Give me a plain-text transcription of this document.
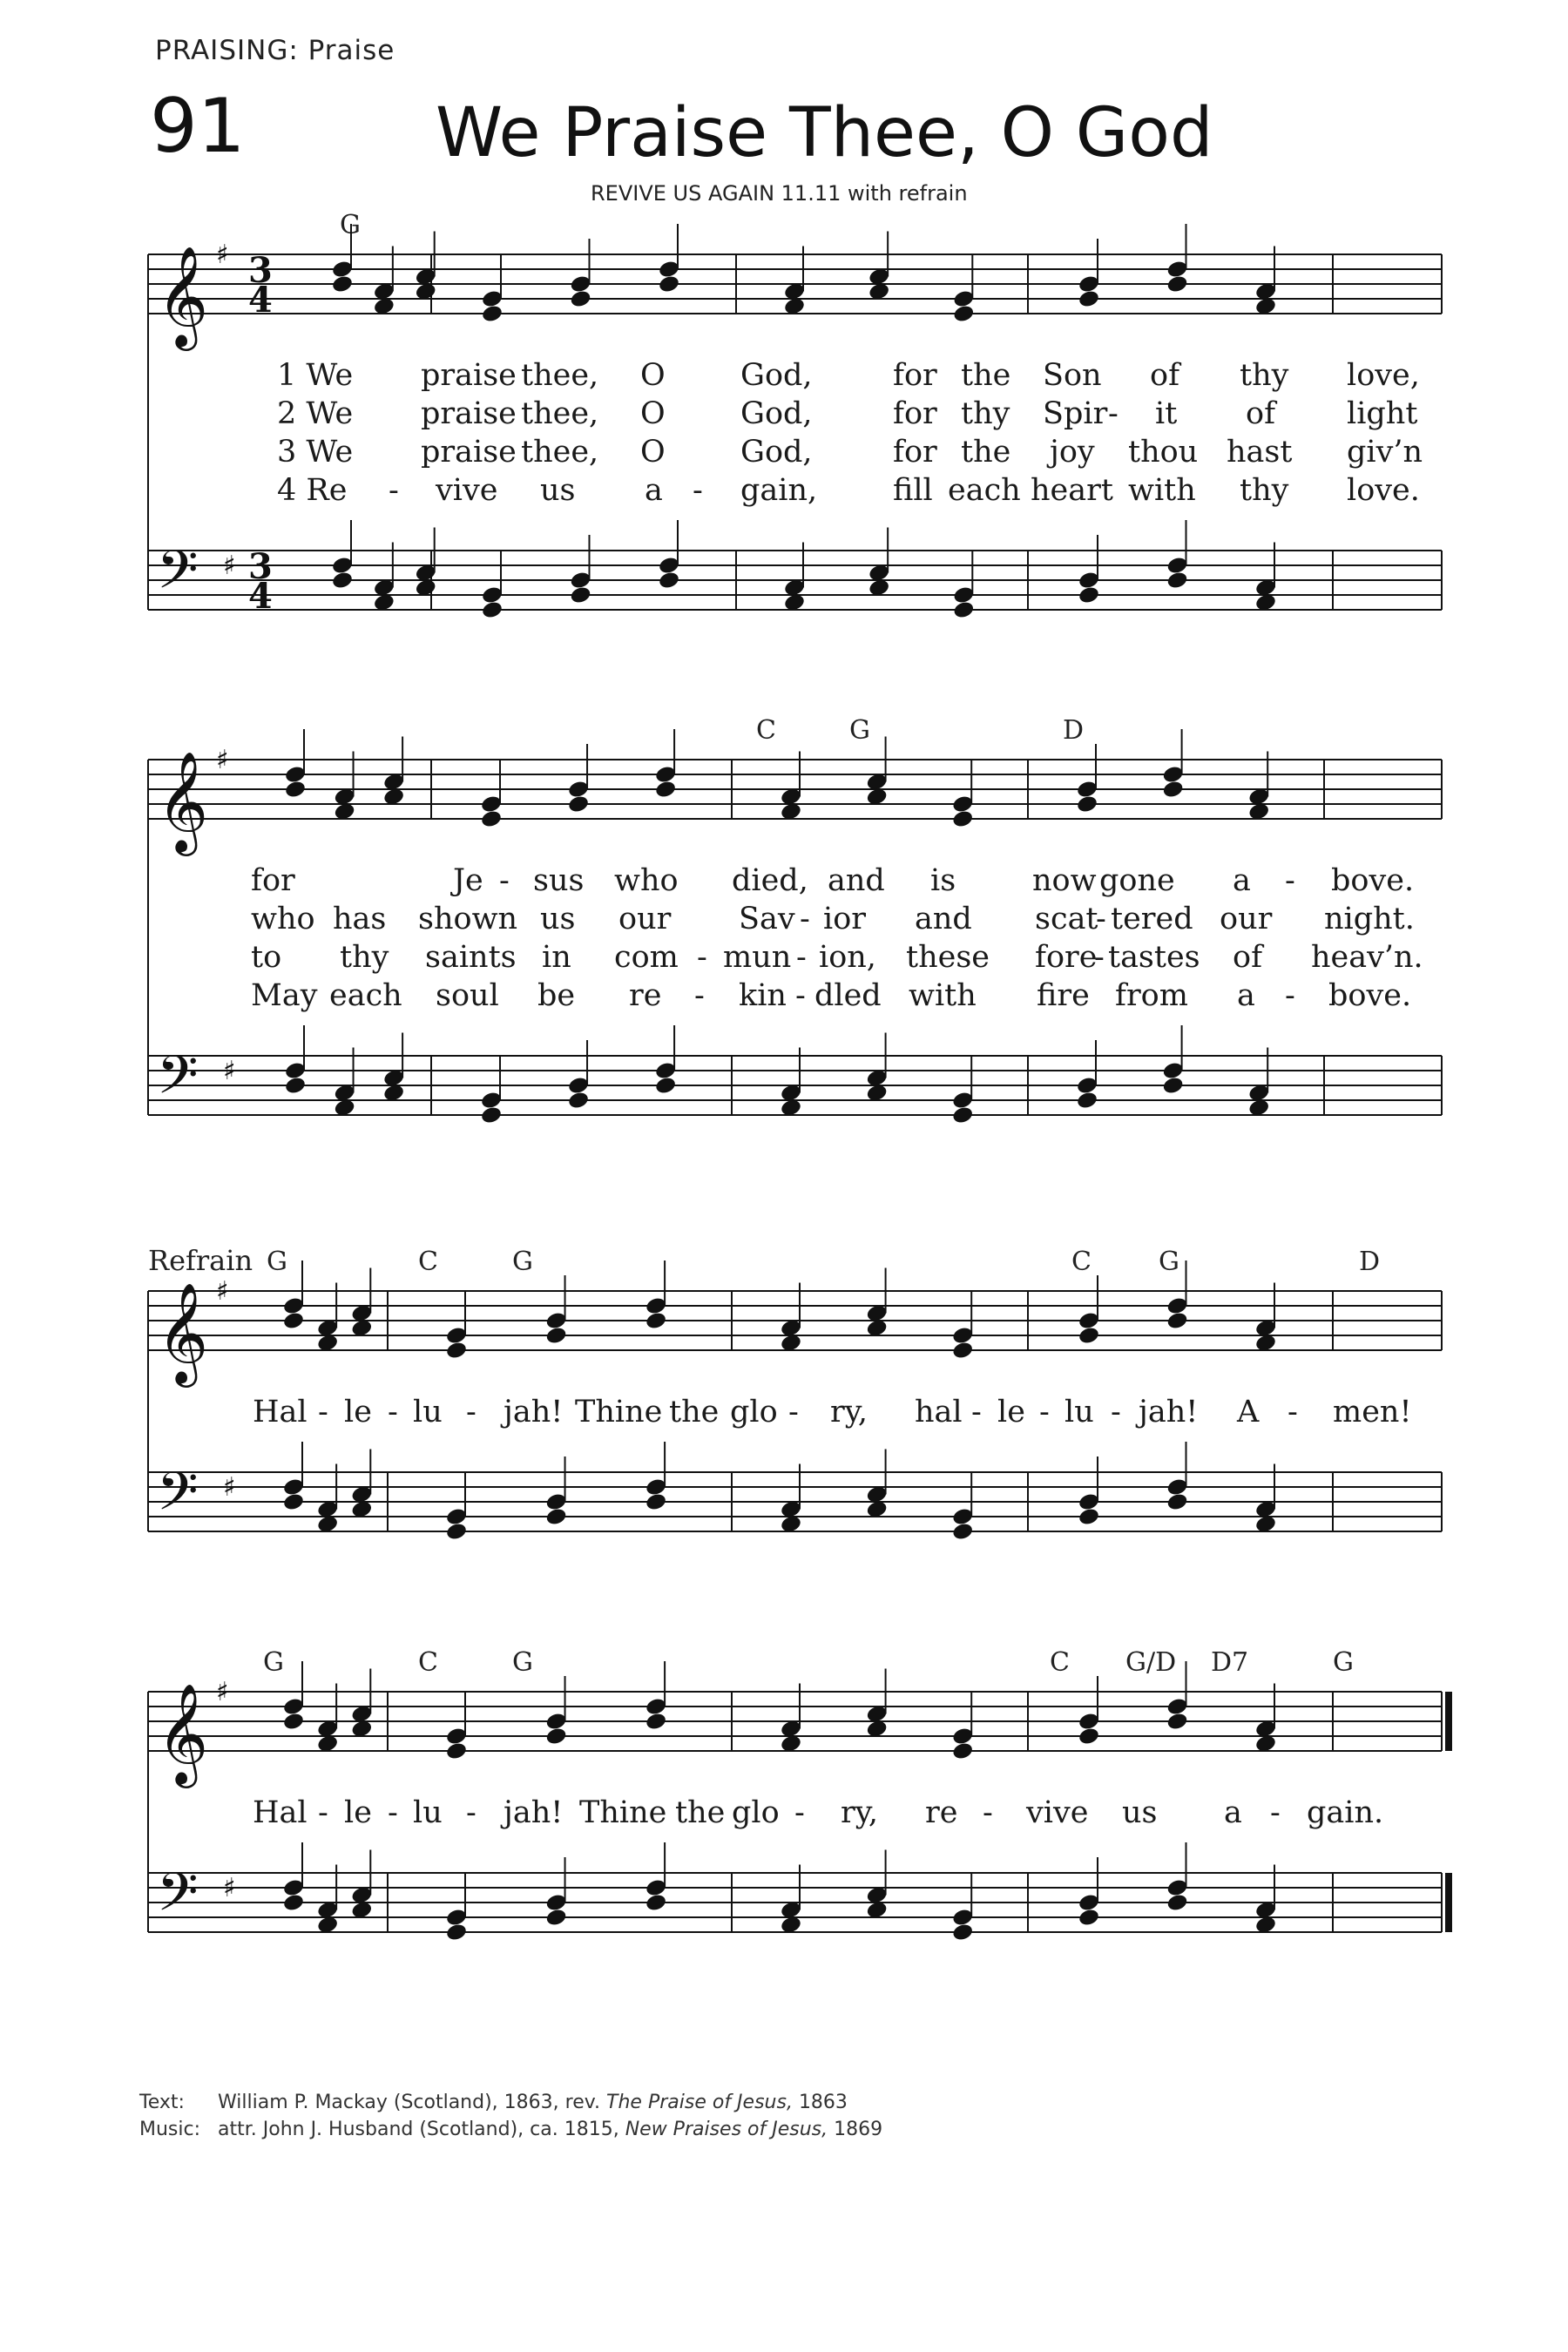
PRAISING: Praise
91	We Praise Thee, O God
REVIVE US AGAIN 11.11 with refrain
G
𝄞
𝄢
♯
♯
3
4
3
4
1 We praise thee, O God,	for the Son of thy love,
2 We praise thee, O God,	for thy Spir - it of light
3 We praise thee, O God,	for the joy thou hast giv’n
4 Re - vive us a - gain, fill each heart with thy love.
C	G	D
𝄞
𝄢
♯
♯
for	Je - sus who died, and is	now gone a - bove.
who has shown us our Sav - ior and scat
- tered our night.
to thy saints in com - mun - ion, these fore
- tastes of heav’n.
May each soul be re - kin - dled with fire from a - bove.
G	C	G	C	G	D
Refrain
𝄞
𝄢
♯
♯
Hal - le - lu - jah! Thine the glo - ry, hal - le - lu - jah! A - men!
G	C	G	C G/D D7	G
𝄞
𝄢
♯
♯
Hal - le - lu - jah! Thine the glo - ry, re - vive us a - gain.
Text: William P. Mackay (Scotland), 1863, rev. The Praise of Jesus, 1863
Music: attr. John J. Husband (Scotland), ca. 1815, New Praises of Jesus, 1869
